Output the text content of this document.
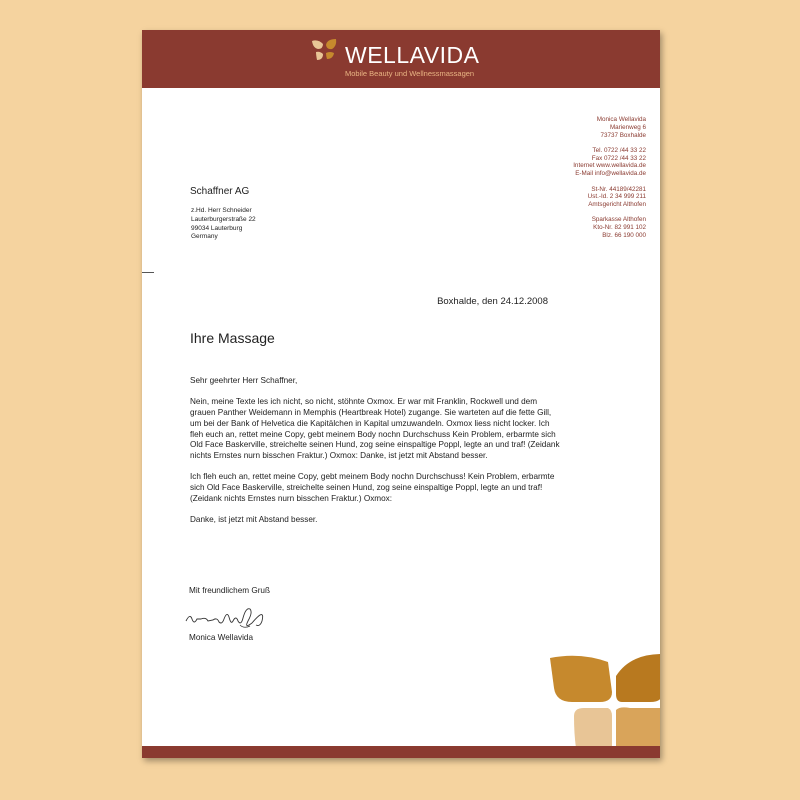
WELLAVIDA
Mobile Beauty und Wellnessmassagen
Monica Wellavida
Marienweg 6
73737 Boxhalde
Tel. 0722 /44 33 22
Fax 0722 /44 33 22
Internet www.wellavida.de
E-Mail info@wellavida.de
St-Nr. 44189/42281
Ust.-Id. 2 34 999 211
Amtsgericht Althofen
Sparkasse Althofen
Kto-Nr. 82 991 102
Blz. 66 190 000
Schaffner AG
z.Hd. Herr Schneider
Lauterburgerstraße 22
99034 Lauterburg
Germany
Boxhalde, den 24.12.2008
Ihre Massage

Sehr geehrter Herr Schaffner,

Nein, meine Texte les ich nicht, so nicht, stöhnte Oxmox. Er war mit Franklin, Rockwell und dem grauen Panther Weidemann in Memphis (Heartbreak Hotel) zugange. Sie warteten auf die fette Gill, um bei der Bank of Helvetica die Kapitälchen in Kapital umzuwandeln. Oxmox liess nicht locker. Ich fleh euch an, rettet meine Copy, gebt meinem Body nochn Durchschuss Kein Problem, erbarmte sich Old Face Baskerville, streichelte seinen Hund, zog seine einspaltige Poppl, legte an und traf! (Zeidank nichts Ernstes nurn bisschen Fraktur.) Oxmox: Danke, ist jetzt mit Abstand besser.

Ich fleh euch an, rettet meine Copy, gebt meinem Body nochn Durchschuss! Kein Problem, erbarmte sich Old Face Baskerville, streichelte seinen Hund, zog seine einspaltige Poppl, legte an und traf! (Zeidank nichts Ernstes nurn bisschen Fraktur.) Oxmox:

Danke, ist jetzt mit Abstand besser.

Mit freundlichem Gruß
Monica Wellavida
